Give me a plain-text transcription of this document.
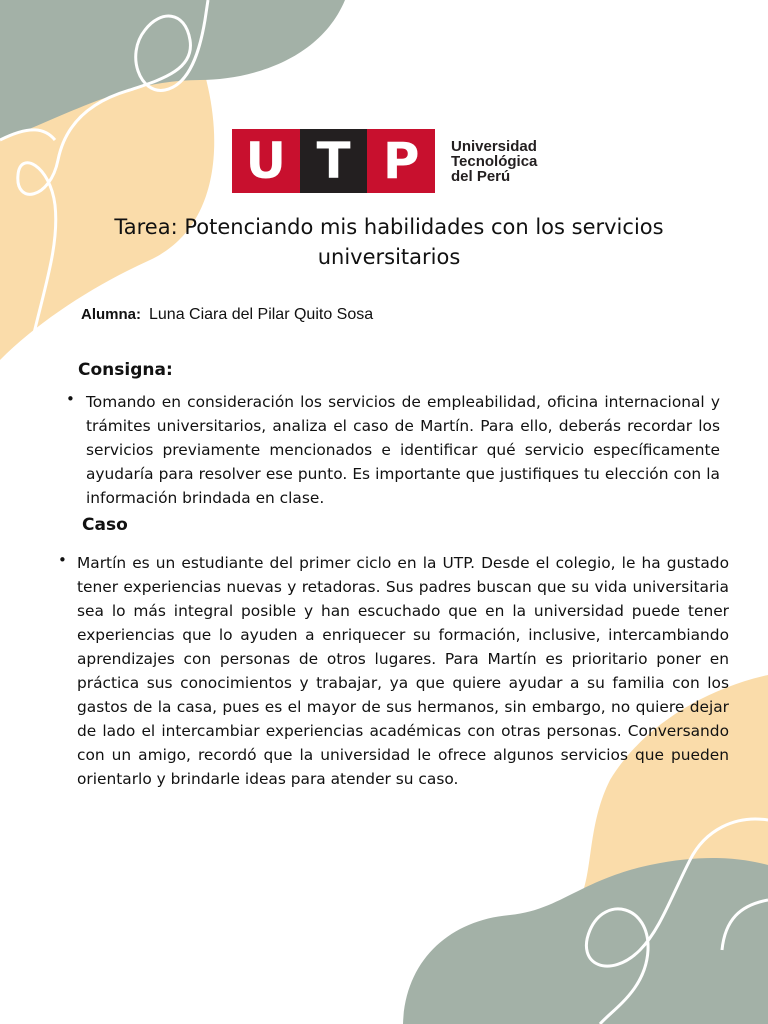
U T P	Universidad
Tecnológica
del Perú
Tarea: Potenciando mis habilidades con los servicios
universitarios
Alumna: Luna Ciara del Pilar Quito Sosa
Consigna:
• Tomando en consideración los servicios de empleabilidad, oficina internacional y trámites universitarios, analiza el caso de Martín. Para ello, deberás recordar los servicios previamente mencionados e identificar qué servicio específicamente ayudaría para resolver ese punto. Es importante que justifiques tu elección con la información brindada en clase.

Caso
• Martín es un estudiante del primer ciclo en la UTP. Desde el colegio, le ha gustado tener experiencias nuevas y retadoras. Sus padres buscan que su vida universitaria sea lo más integral posible y han escuchado que en la universidad puede tener experiencias que lo ayuden a enriquecer su formación, inclusive, intercambiando aprendizajes con personas de otros lugares. Para Martín es prioritario poner en práctica sus conocimientos y trabajar, ya que quiere ayudar a su familia con los gastos de la casa, pues es el mayor de sus hermanos, sin embargo, no quiere dejar de lado el intercambiar experiencias académicas con otras personas. Conversando con un amigo, recordó que la universidad le ofrece algunos servicios que pueden orientarlo y brindarle ideas para atender su caso.
